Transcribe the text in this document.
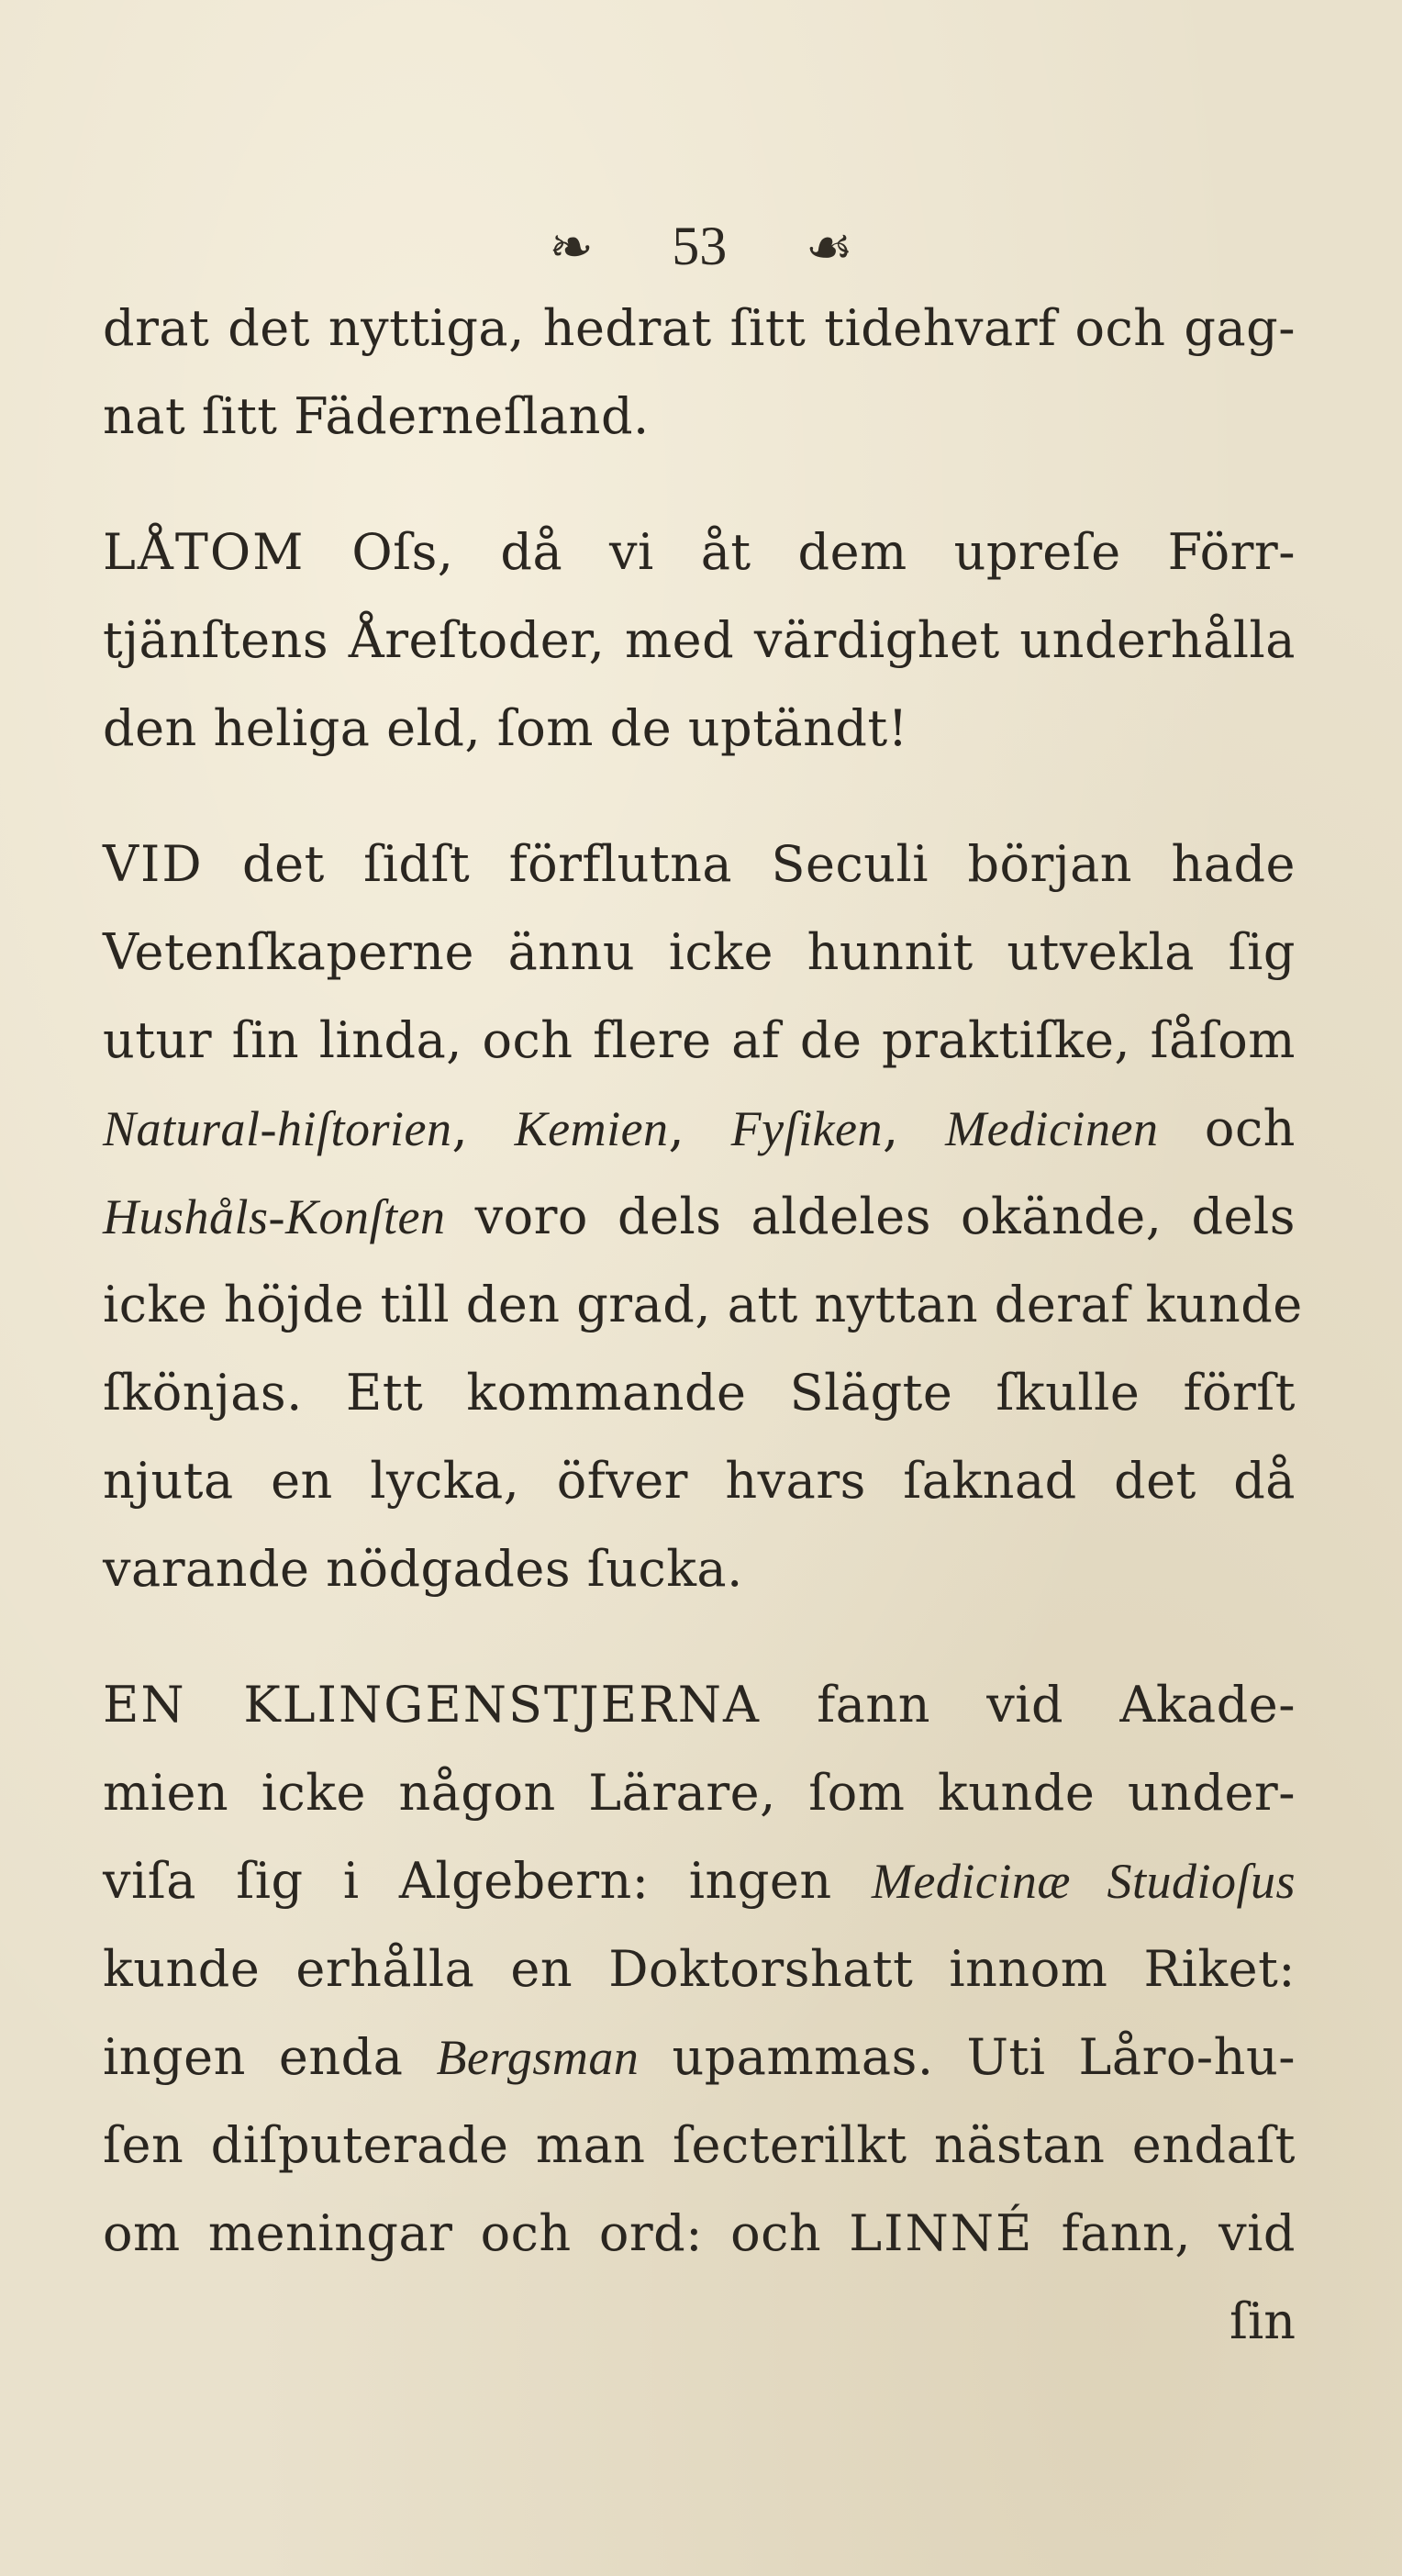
❧ 53 ☙
drat det nyttiga, hedrat ſitt tidehvarf och gag-
nat ſitt Fäderneſland.
LÅTOM Oſs, då vi åt dem upreſe Förr-
tjänſtens Åreſtoder, med värdighet underhålla
den heliga eld, ſom de uptändt!
VID det ſidſt förflutna Seculi början hade
Vetenſkaperne ännu icke hunnit utvekla ſig
utur ſin linda, och flere af de praktiſke, ſåſom
Natural-hiſtorien, Kemien, Fyſiken, Medicinen och
Hushåls-Konſten voro dels aldeles okände, dels
icke höjde till den grad, att nyttan deraf kunde
ſkönjas. Ett kommande Slägte ſkulle förſt
njuta en lycka, öfver hvars ſaknad det då
varande nödgades ſucka.
EN KLINGENSTJERNA fann vid Akade-
mien icke någon Lärare, ſom kunde under-
viſa ſig i Algebern: ingen Medicinæ Studioſus
kunde erhålla en Doktorshatt innom Riket:
ingen enda Bergsman upammas. Uti Låro-hu-
ſen diſputerade man ſecterilkt nästan endaſt
om meningar och ord: och LINNÉ fann, vid
ſin
